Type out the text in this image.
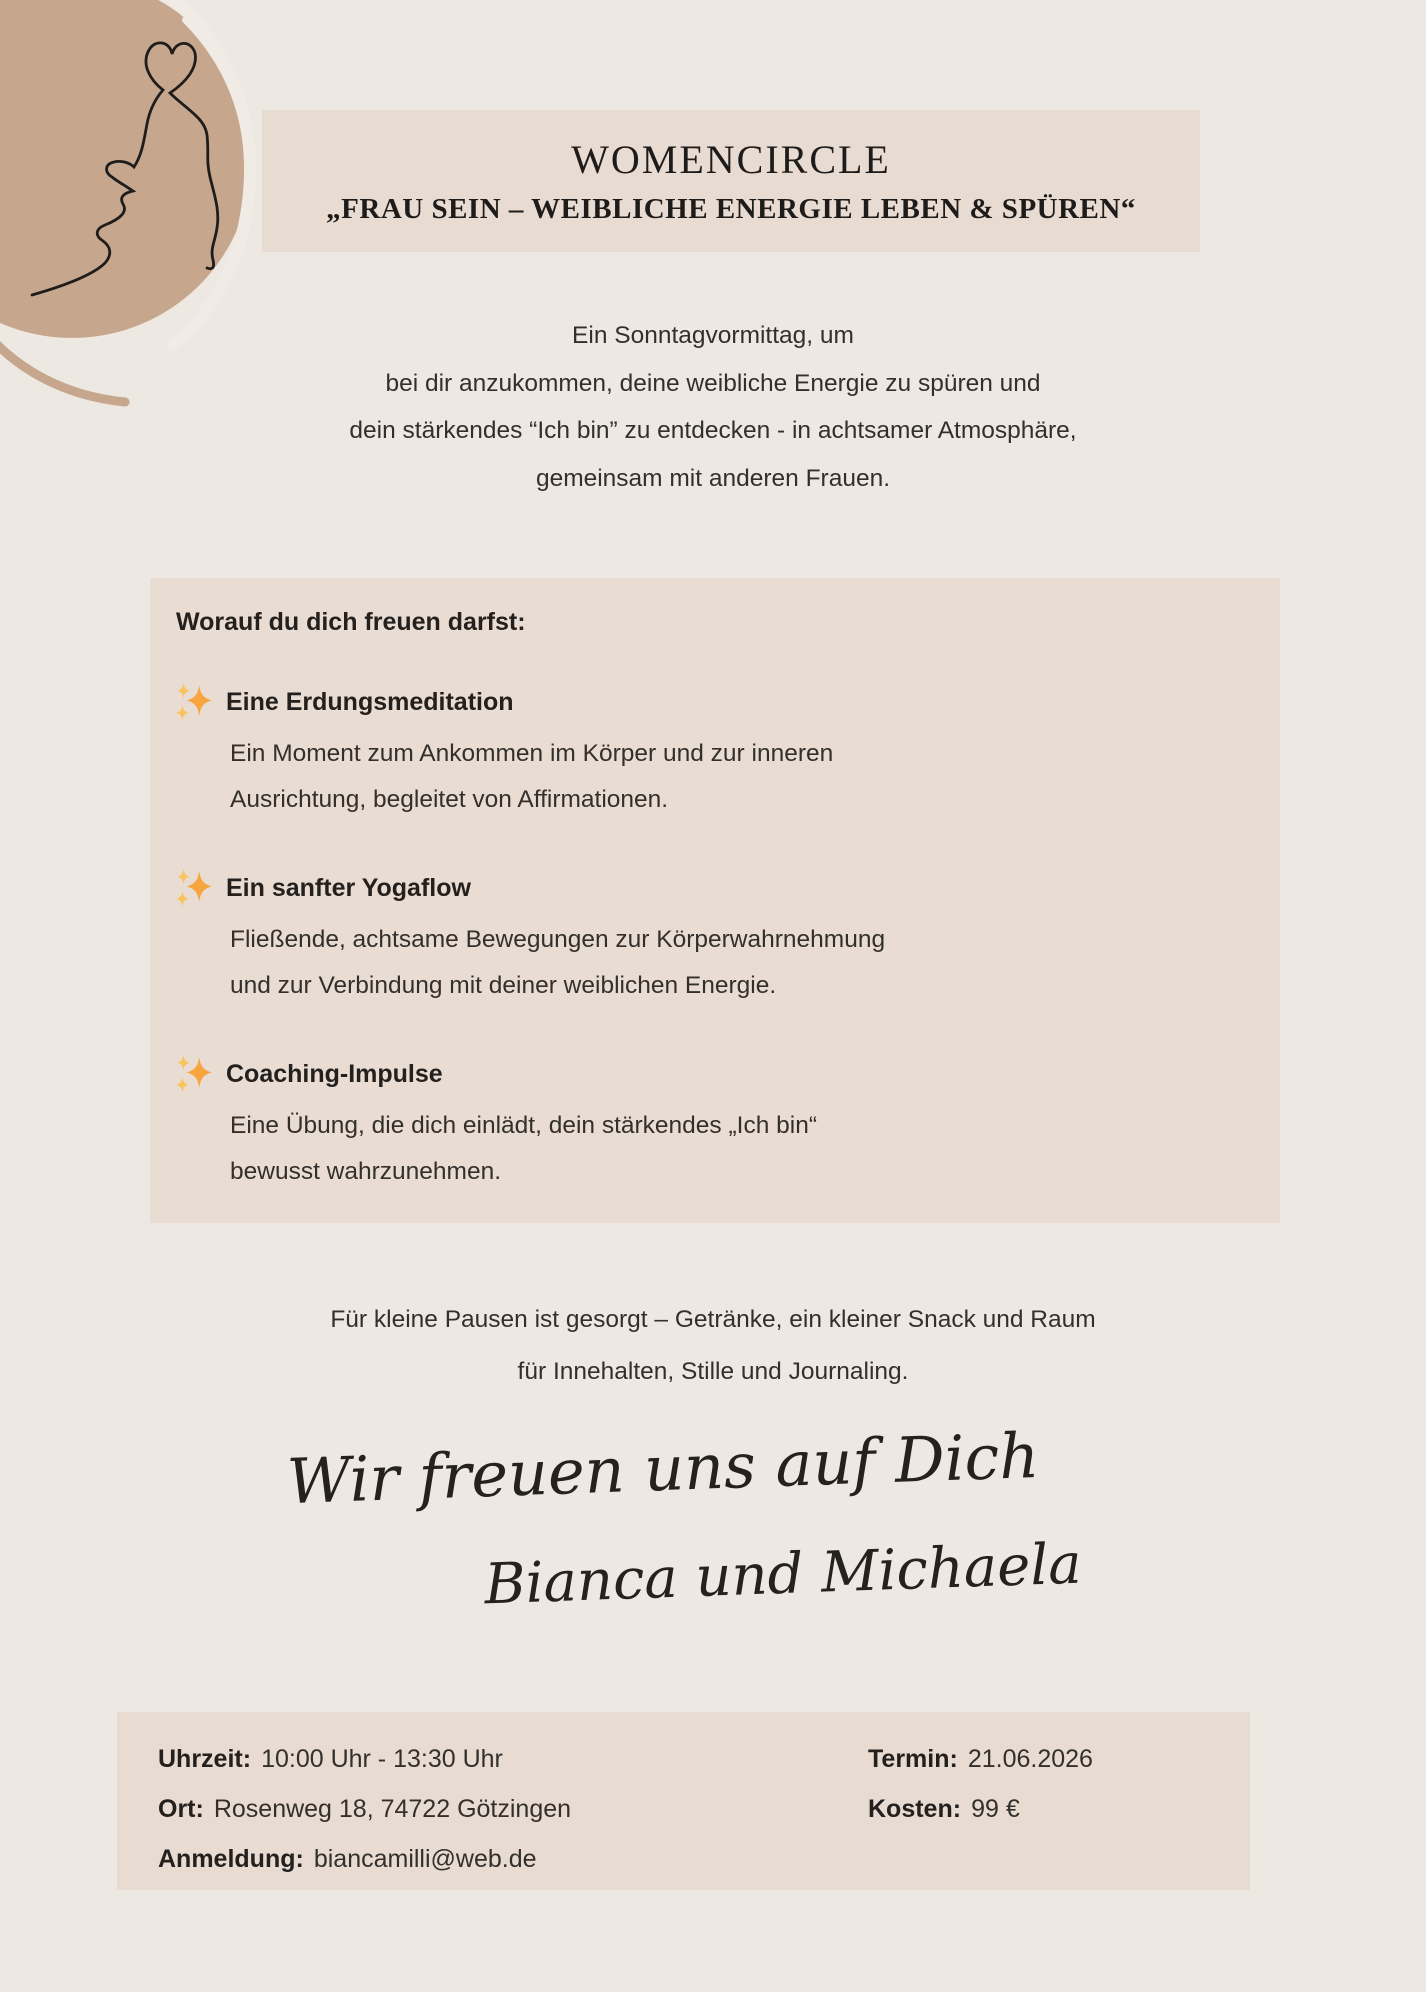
WOMENCIRCLE
„FRAU SEIN – WEIBLICHE ENERGIE LEBEN & SPÜREN“
Ein Sonntagvormittag, um
bei dir anzukommen, deine weibliche Energie zu spüren und
dein stärkendes “Ich bin” zu entdecken - in achtsamer Atmosphäre,
gemeinsam mit anderen Frauen.
Worauf du dich freuen darfst:
Eine Erdungsmeditation
Ein Moment zum Ankommen im Körper und zur inneren
Ausrichtung, begleitet von Affirmationen.
Ein sanfter Yogaflow
Fließende, achtsame Bewegungen zur Körperwahrnehmung
und zur Verbindung mit deiner weiblichen Energie.
Coaching-Impulse
Eine Übung, die dich einlädt, dein stärkendes „Ich bin“
bewusst wahrzunehmen.
Für kleine Pausen ist gesorgt – Getränke, ein kleiner Snack und Raum
für Innehalten, Stille und Journaling.
Wir freuen uns auf Dich
Bianca und Michaela
Uhrzeit: 10:00 Uhr - 13:30 Uhr
Ort: Rosenweg 18, 74722 Götzingen
Anmeldung: biancamilli@web.de
Termin: 21.06.2026
Kosten: 99 €
